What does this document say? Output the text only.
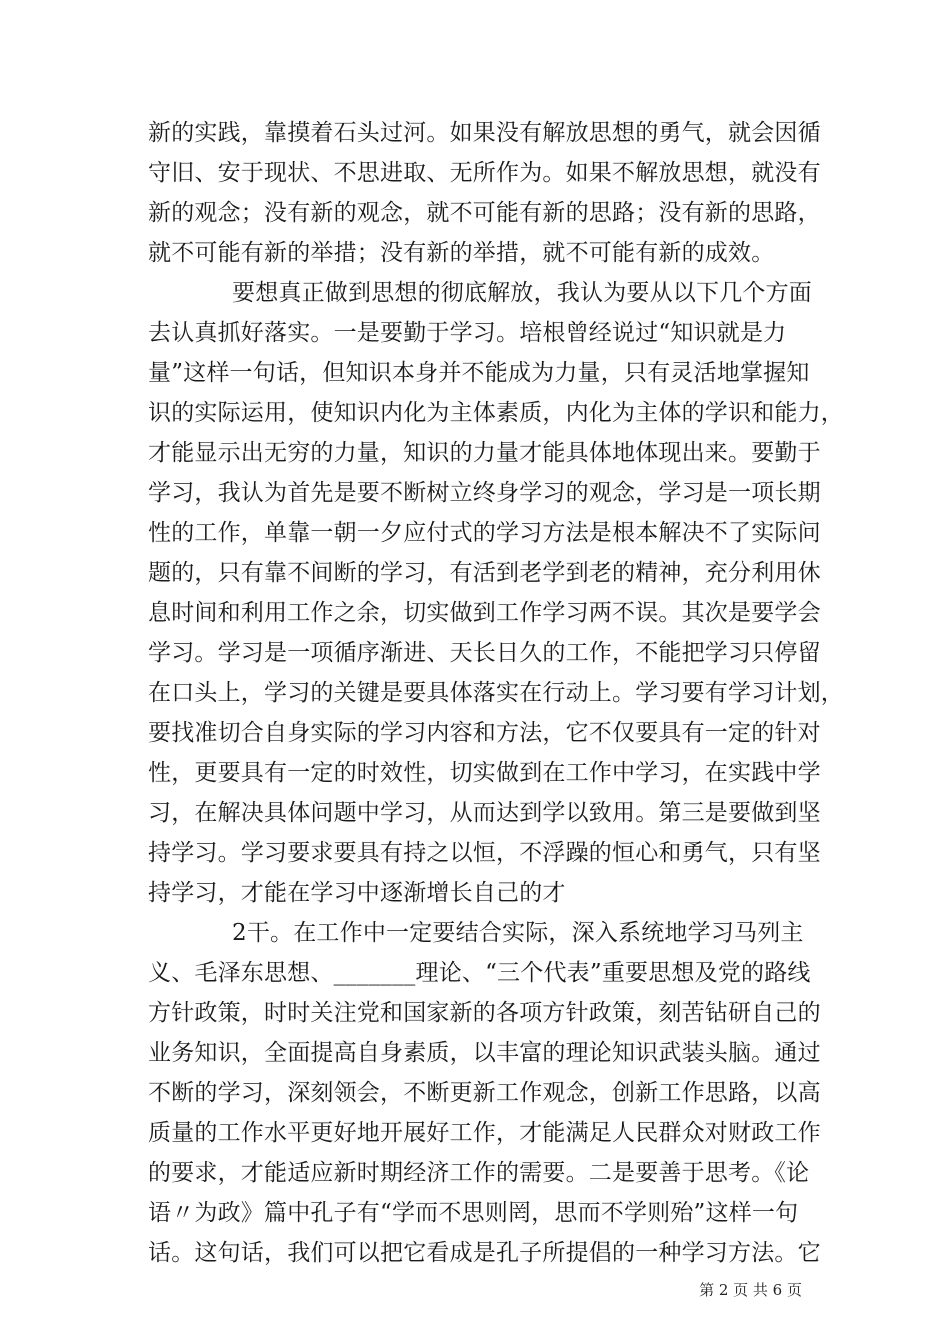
新的实践，靠摸着石头过河。如果没有解放思想的勇气，就会因循
守旧、安于现状、不思进取、无所作为。如果不解放思想，就没有
新的观念；没有新的观念，就不可能有新的思路；没有新的思路，
就不可能有新的举措；没有新的举措，就不可能有新的成效。
要想真正做到思想的彻底解放，我认为要从以下几个方面
去认真抓好落实。一是要勤于学习。培根曾经说过“知识就是力
量”这样一句话，但知识本身并不能成为力量，只有灵活地掌握知
识的实际运用，使知识内化为主体素质，内化为主体的学识和能力，
才能显示出无穷的力量，知识的力量才能具体地体现出来。要勤于
学习，我认为首先是要不断树立终身学习的观念，学习是一项长期
性的工作，单靠一朝一夕应付式的学习方法是根本解决不了实际问
题的，只有靠不间断的学习，有活到老学到老的精神，充分利用休
息时间和利用工作之余，切实做到工作学习两不误。其次是要学会
学习。学习是一项循序渐进、天长日久的工作，不能把学习只停留
在口头上，学习的关键是要具体落实在行动上。学习要有学习计划，
要找准切合自身实际的学习内容和方法，它不仅要具有一定的针对
性，更要具有一定的时效性，切实做到在工作中学习，在实践中学
习，在解决具体问题中学习，从而达到学以致用。第三是要做到坚
持学习。学习要求要具有持之以恒，不浮躁的恒心和勇气，只有坚
持学习，才能在学习中逐渐增长自己的才
2干。在工作中一定要结合实际，深入系统地学习马列主
义、毛泽东思想、_______理论、“三个代表”重要思想及党的路线
方针政策，时时关注党和国家新的各项方针政策，刻苦钻研自己的
业务知识，全面提高自身素质，以丰富的理论知识武装头脑。通过
不断的学习，深刻领会，不断更新工作观念，创新工作思路，以高
质量的工作水平更好地开展好工作，才能满足人民群众对财政工作
的要求，才能适应新时期经济工作的需要。二是要善于思考。《论
语〃为政》篇中孔子有“学而不思则罔，思而不学则殆”这样一句
话。这句话，我们可以把它看成是孔子所提倡的一种学习方法。它
第 2 页 共 6 页
